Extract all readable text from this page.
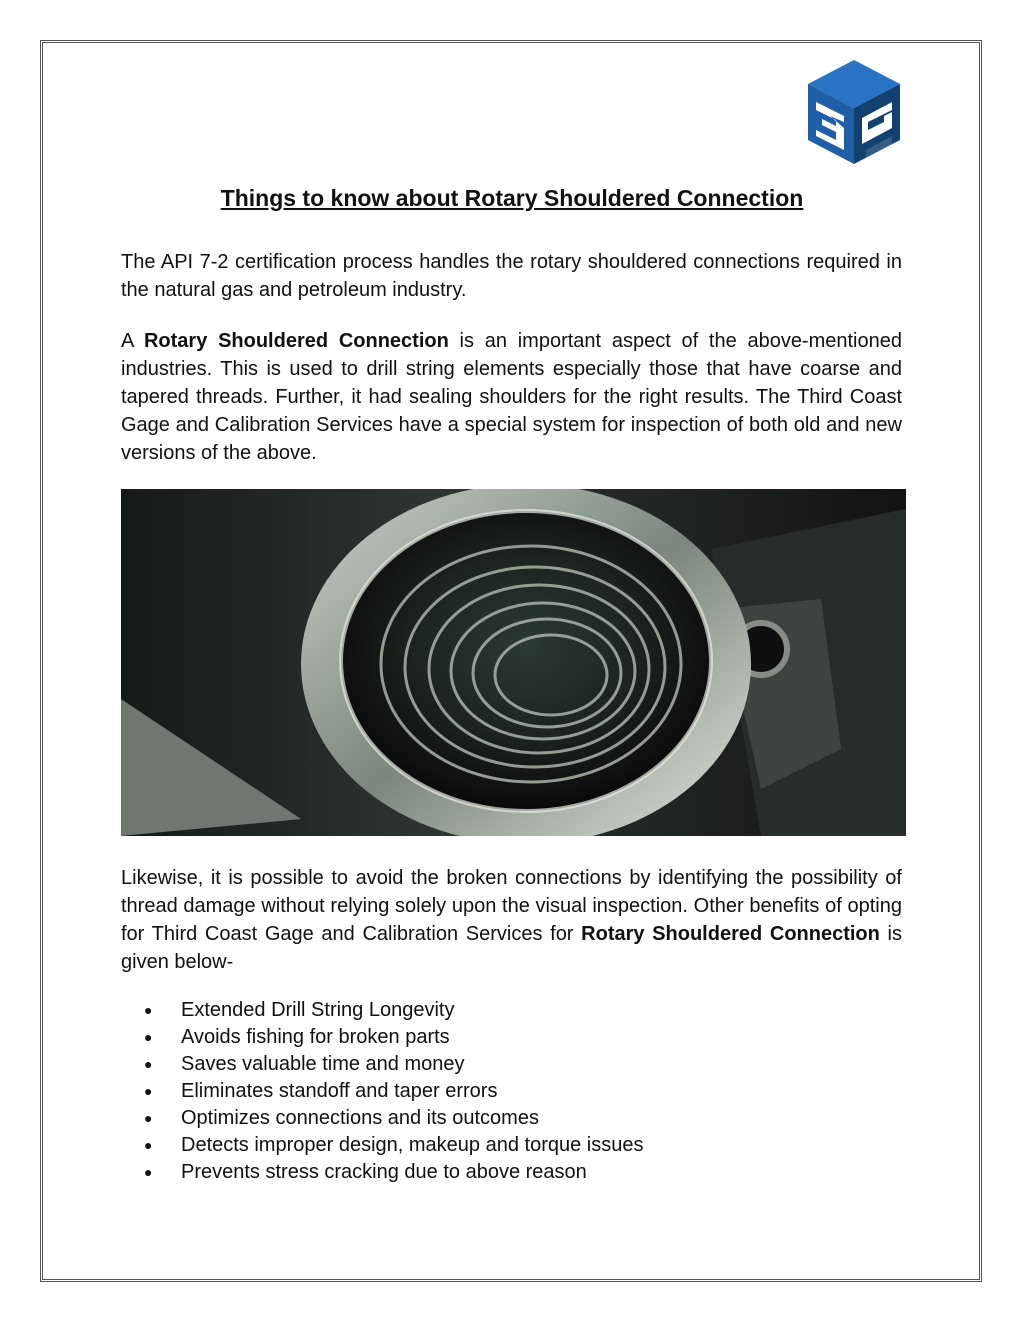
Things to know about Rotary Shouldered Connection

The API 7-2 certification process handles the rotary shouldered connections required in the natural gas and petroleum industry.

A Rotary Shouldered Connection is an important aspect of the above-mentioned industries. This is used to drill string elements especially those that have coarse and tapered threads. Further, it had sealing shoulders for the right results. The Third Coast Gage and Calibration Services have a special system for inspection of both old and new versions of the above.

Likewise, it is possible to avoid the broken connections by identifying the possibility of thread damage without relying solely upon the visual inspection. Other benefits of opting for Third Coast Gage and Calibration Services for Rotary Shouldered Connection is given below-

● Extended Drill String Longevity
● Avoids fishing for broken parts
● Saves valuable time and money
● Eliminates standoff and taper errors
● Optimizes connections and its outcomes
● Detects improper design, makeup and torque issues
● Prevents stress cracking due to above reason
